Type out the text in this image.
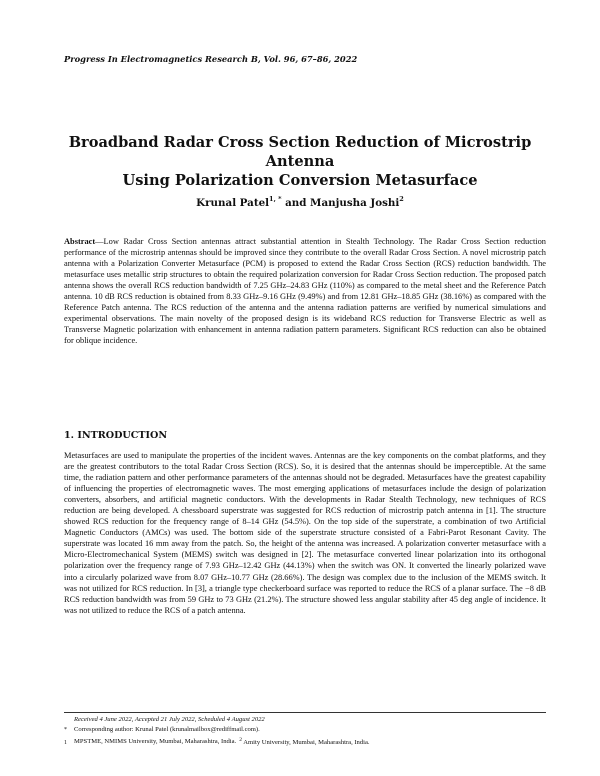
Progress In Electromagnetics Research B, Vol. 96, 67–86, 2022
Broadband Radar Cross Section Reduction of Microstrip Antenna
Using Polarization Conversion Metasurface
Krunal Patel$^{1, *}$ and Manjusha Joshi$^2$
Abstract—Low Radar Cross Section antennas attract substantial attention in Stealth Technology. The Radar Cross Section reduction performance of the microstrip antennas should be improved since they contribute to the overall Radar Cross Section. A novel microstrip patch antenna with a Polarization Converter Metasurface (PCM) is proposed to extend the Radar Cross Section (RCS) reduction bandwidth. The metasurface uses metallic strip structures to obtain the required polarization conversion for Radar Cross Section reduction. The proposed patch antenna shows the overall RCS reduction bandwidth of 7.25 GHz–24.83 GHz (110%) as compared to the metal sheet and the Reference Patch antenna. 10 dB RCS reduction is obtained from 8.33 GHz–9.16 GHz (9.49%) and from 12.81 GHz–18.85 GHz (38.16%) as compared with the Reference Patch antenna. The RCS reduction of the antenna and the antenna radiation patterns are verified by numerical simulations and experimental observations. The main novelty of the proposed design is its wideband RCS reduction for Transverse Electric as well as Transverse Magnetic polarization with enhancement in antenna radiation pattern parameters. Significant RCS reduction can also be obtained for oblique incidence.
1. INTRODUCTION
Metasurfaces are used to manipulate the properties of the incident waves. Antennas are the key components on the combat platforms, and they are the greatest contributors to the total Radar Cross Section (RCS). So, it is desired that the antennas should be imperceptible. At the same time, the radiation pattern and other performance parameters of the antennas should not be degraded. Metasurfaces have the greatest capability of influencing the properties of electromagnetic waves. The most emerging applications of metasurfaces include the design of polarization converters, absorbers, and artificial magnetic conductors. With the developments in Radar Stealth Technology, new techniques of RCS reduction are being developed. A chessboard superstrate was suggested for RCS reduction of microstrip patch antenna in [1]. The structure showed RCS reduction for the frequency range of 8–14 GHz (54.5%). On the top side of the superstrate, a combination of two Artificial Magnetic Conductors (AMCs) was used. The bottom side of the superstrate structure consisted of a Fabri-Parot Resonant Cavity. The superstrate was located 16 mm away from the patch. So, the height of the antenna was increased. A polarization converter metasurface with a Micro-Electromechanical System (MEMS) switch was designed in [2]. The metasurface converted linear polarization into its orthogonal polarization over the frequency range of 7.93 GHz–12.42 GHz (44.13%) when the switch was ON. It converted the linearly polarized wave into a circularly polarized wave from 8.07 GHz–10.77 GHz (28.66%). The design was complex due to the inclusion of the MEMS switch. It was not utilized for RCS reduction. In [3], a triangle type checkerboard surface was reported to reduce the RCS of a planar surface. The −8 dB RCS reduction bandwidth was from 59 GHz to 73 GHz (21.2%). The structure showed less angular stability after 45 deg angle of incidence. It was not utilized to reduce the RCS of a patch antenna.
Received 4 June 2022, Accepted 21 July 2022, Scheduled 4 August 2022
* Corresponding author: Krunal Patel (krunalmailbox@rediffmail.com).
1 MPSTME, NMIMS University, Mumbai, Maharashtra, India. $^2$ Amity University, Mumbai, Maharashtra, India.
